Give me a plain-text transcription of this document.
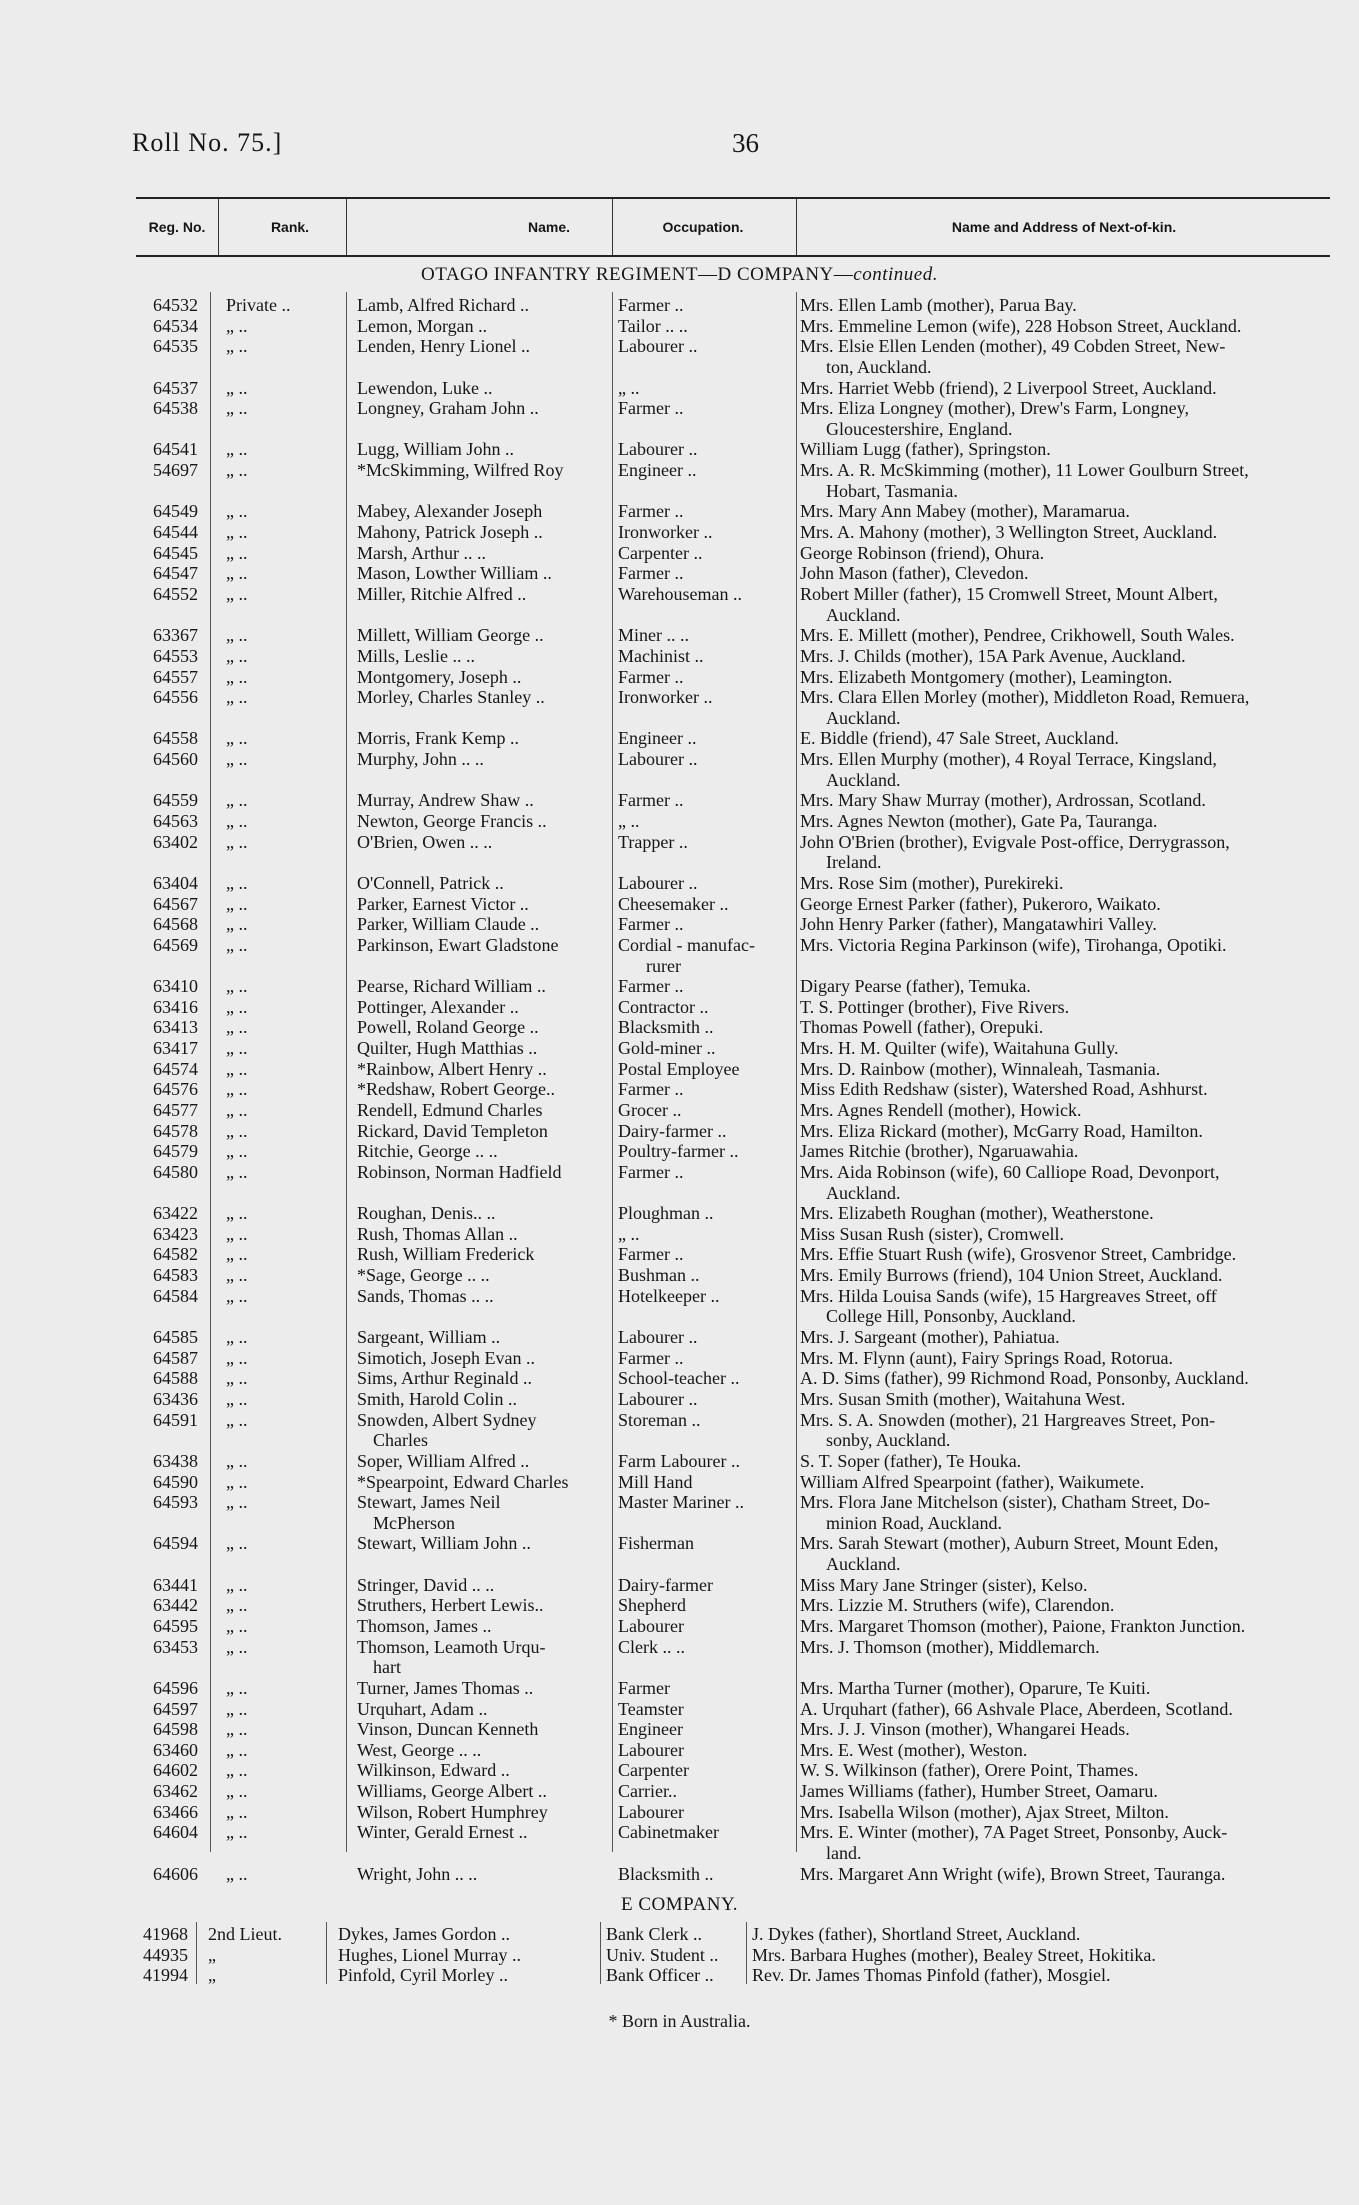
Roll No. 75.]	36
Reg. No.	Rank.	Name.	Occupation.	Name and Address of Next-of-kin.
OTAGO INFANTRY REGIMENT—D COMPANY—continued.
64532 Private ..	Lamb, Alfred Richard ..	Farmer ..	Mrs. Ellen Lamb (mother), Parua Bay.
64534 „ ..	Lemon, Morgan ..	Tailor .. ..	Mrs. Emmeline Lemon (wife), 228 Hobson Street, Auckland.
64535 „ ..	Lenden, Henry Lionel ..	Labourer ..	Mrs. Elsie Ellen Lenden (mother), 49 Cobden Street, New-
ton, Auckland.
64537 „ ..	Lewendon, Luke ..	„ ..	Mrs. Harriet Webb (friend), 2 Liverpool Street, Auckland.
64538 „ ..	Longney, Graham John ..	Farmer ..	Mrs. Eliza Longney (mother), Drew's Farm, Longney,
Gloucestershire, England.
64541 „ ..	Lugg, William John ..	Labourer ..	William Lugg (father), Springston.
54697 „ ..	*McSkimming, Wilfred Roy	Engineer ..	Mrs. A. R. McSkimming (mother), 11 Lower Goulburn Street,
Hobart, Tasmania.
64549 „ ..	Mabey, Alexander Joseph	Farmer ..	Mrs. Mary Ann Mabey (mother), Maramarua.
64544 „ ..	Mahony, Patrick Joseph ..	Ironworker ..	Mrs. A. Mahony (mother), 3 Wellington Street, Auckland.
64545 „ ..	Marsh, Arthur .. ..	Carpenter ..	George Robinson (friend), Ohura.
64547 „ ..	Mason, Lowther William ..	Farmer ..	John Mason (father), Clevedon.
64552 „ ..	Miller, Ritchie Alfred ..	Warehouseman ..	Robert Miller (father), 15 Cromwell Street, Mount Albert,
Auckland.
63367 „ ..	Millett, William George ..	Miner .. ..	Mrs. E. Millett (mother), Pendree, Crikhowell, South Wales.
64553 „ ..	Mills, Leslie .. ..	Machinist ..	Mrs. J. Childs (mother), 15A Park Avenue, Auckland.
64557 „ ..	Montgomery, Joseph ..	Farmer ..	Mrs. Elizabeth Montgomery (mother), Leamington.
64556 „ ..	Morley, Charles Stanley ..	Ironworker ..	Mrs. Clara Ellen Morley (mother), Middleton Road, Remuera,
Auckland.
64558 „ ..	Morris, Frank Kemp ..	Engineer ..	E. Biddle (friend), 47 Sale Street, Auckland.
64560 „ ..	Murphy, John .. ..	Labourer ..	Mrs. Ellen Murphy (mother), 4 Royal Terrace, Kingsland,
Auckland.
64559 „ ..	Murray, Andrew Shaw ..	Farmer ..	Mrs. Mary Shaw Murray (mother), Ardrossan, Scotland.
64563 „ ..	Newton, George Francis ..	„ ..	Mrs. Agnes Newton (mother), Gate Pa, Tauranga.
63402 „ ..	O'Brien, Owen .. ..	Trapper ..	John O'Brien (brother), Evigvale Post-office, Derrygrasson,
Ireland.
63404 „ ..	O'Connell, Patrick ..	Labourer ..	Mrs. Rose Sim (mother), Purekireki.
64567 „ ..	Parker, Earnest Victor ..	Cheesemaker ..	George Ernest Parker (father), Pukeroro, Waikato.
64568 „ ..	Parker, William Claude ..	Farmer ..	John Henry Parker (father), Mangatawhiri Valley.
64569 „ ..	Parkinson, Ewart Gladstone	Cordial - manufac-	Mrs. Victoria Regina Parkinson (wife), Tirohanga, Opotiki.
rurer
63410 „ ..	Pearse, Richard William ..	Farmer ..	Digary Pearse (father), Temuka.
63416 „ ..	Pottinger, Alexander ..	Contractor ..	T. S. Pottinger (brother), Five Rivers.
63413 „ ..	Powell, Roland George ..	Blacksmith ..	Thomas Powell (father), Orepuki.
63417 „ ..	Quilter, Hugh Matthias ..	Gold-miner ..	Mrs. H. M. Quilter (wife), Waitahuna Gully.
64574 „ ..	*Rainbow, Albert Henry ..	Postal Employee	Mrs. D. Rainbow (mother), Winnaleah, Tasmania.
64576 „ ..	*Redshaw, Robert George..	Farmer ..	Miss Edith Redshaw (sister), Watershed Road, Ashhurst.
64577 „ ..	Rendell, Edmund Charles	Grocer ..	Mrs. Agnes Rendell (mother), Howick.
64578 „ ..	Rickard, David Templeton	Dairy-farmer ..	Mrs. Eliza Rickard (mother), McGarry Road, Hamilton.
64579 „ ..	Ritchie, George .. ..	Poultry-farmer ..	James Ritchie (brother), Ngaruawahia.
64580 „ ..	Robinson, Norman Hadfield	Farmer ..	Mrs. Aida Robinson (wife), 60 Calliope Road, Devonport,
Auckland.
63422 „ ..	Roughan, Denis.. ..	Ploughman ..	Mrs. Elizabeth Roughan (mother), Weatherstone.
63423 „ ..	Rush, Thomas Allan ..	„ ..	Miss Susan Rush (sister), Cromwell.
64582 „ ..	Rush, William Frederick	Farmer ..	Mrs. Effie Stuart Rush (wife), Grosvenor Street, Cambridge.
64583 „ ..	*Sage, George .. ..	Bushman ..	Mrs. Emily Burrows (friend), 104 Union Street, Auckland.
64584 „ ..	Sands, Thomas .. ..	Hotelkeeper ..	Mrs. Hilda Louisa Sands (wife), 15 Hargreaves Street, off
College Hill, Ponsonby, Auckland.
64585 „ ..	Sargeant, William ..	Labourer ..	Mrs. J. Sargeant (mother), Pahiatua.
64587 „ ..	Simotich, Joseph Evan ..	Farmer ..	Mrs. M. Flynn (aunt), Fairy Springs Road, Rotorua.
64588 „ ..	Sims, Arthur Reginald ..	School-teacher ..	A. D. Sims (father), 99 Richmond Road, Ponsonby, Auckland.
63436 „ ..	Smith, Harold Colin ..	Labourer ..	Mrs. Susan Smith (mother), Waitahuna West.
64591 „ ..	Snowden, Albert Sydney	Storeman ..	Mrs. S. A. Snowden (mother), 21 Hargreaves Street, Pon-
Charles	sonby, Auckland.
63438 „ ..	Soper, William Alfred ..	Farm Labourer ..	S. T. Soper (father), Te Houka.
64590 „ ..	*Spearpoint, Edward Charles	Mill Hand	William Alfred Spearpoint (father), Waikumete.
64593 „ ..	Stewart, James Neil	Master Mariner ..	Mrs. Flora Jane Mitchelson (sister), Chatham Street, Do-
McPherson	minion Road, Auckland.
64594 „ ..	Stewart, William John ..	Fisherman	Mrs. Sarah Stewart (mother), Auburn Street, Mount Eden,
Auckland.
63441 „ ..	Stringer, David .. ..	Dairy-farmer	Miss Mary Jane Stringer (sister), Kelso.
63442 „ ..	Struthers, Herbert Lewis..	Shepherd	Mrs. Lizzie M. Struthers (wife), Clarendon.
64595 „ ..	Thomson, James ..	Labourer	Mrs. Margaret Thomson (mother), Paione, Frankton Junction.
63453 „ ..	Thomson, Leamoth Urqu-	Clerk .. ..	Mrs. J. Thomson (mother), Middlemarch.
hart
64596 „ ..	Turner, James Thomas ..	Farmer	Mrs. Martha Turner (mother), Oparure, Te Kuiti.
64597 „ ..	Urquhart, Adam ..	Teamster	A. Urquhart (father), 66 Ashvale Place, Aberdeen, Scotland.
64598 „ ..	Vinson, Duncan Kenneth	Engineer	Mrs. J. J. Vinson (mother), Whangarei Heads.
63460 „ ..	West, George .. ..	Labourer	Mrs. E. West (mother), Weston.
64602 „ ..	Wilkinson, Edward ..	Carpenter	W. S. Wilkinson (father), Orere Point, Thames.
63462 „ ..	Williams, George Albert ..	Carrier..	James Williams (father), Humber Street, Oamaru.
63466 „ ..	Wilson, Robert Humphrey	Labourer	Mrs. Isabella Wilson (mother), Ajax Street, Milton.
64604 „ ..	Winter, Gerald Ernest ..	Cabinetmaker	Mrs. E. Winter (mother), 7A Paget Street, Ponsonby, Auck-
land.
64606 „ ..	Wright, John .. ..	Blacksmith ..	Mrs. Margaret Ann Wright (wife), Brown Street, Tauranga.
E COMPANY.
41968 2nd Lieut.	Dykes, James Gordon ..	Bank Clerk ..	J. Dykes (father), Shortland Street, Auckland.
44935 „	Hughes, Lionel Murray ..	Univ. Student .. Mrs. Barbara Hughes (mother), Bealey Street, Hokitika.
41994 „	Pinfold, Cyril Morley ..	Bank Officer .. Rev. Dr. James Thomas Pinfold (father), Mosgiel.
* Born in Australia.
